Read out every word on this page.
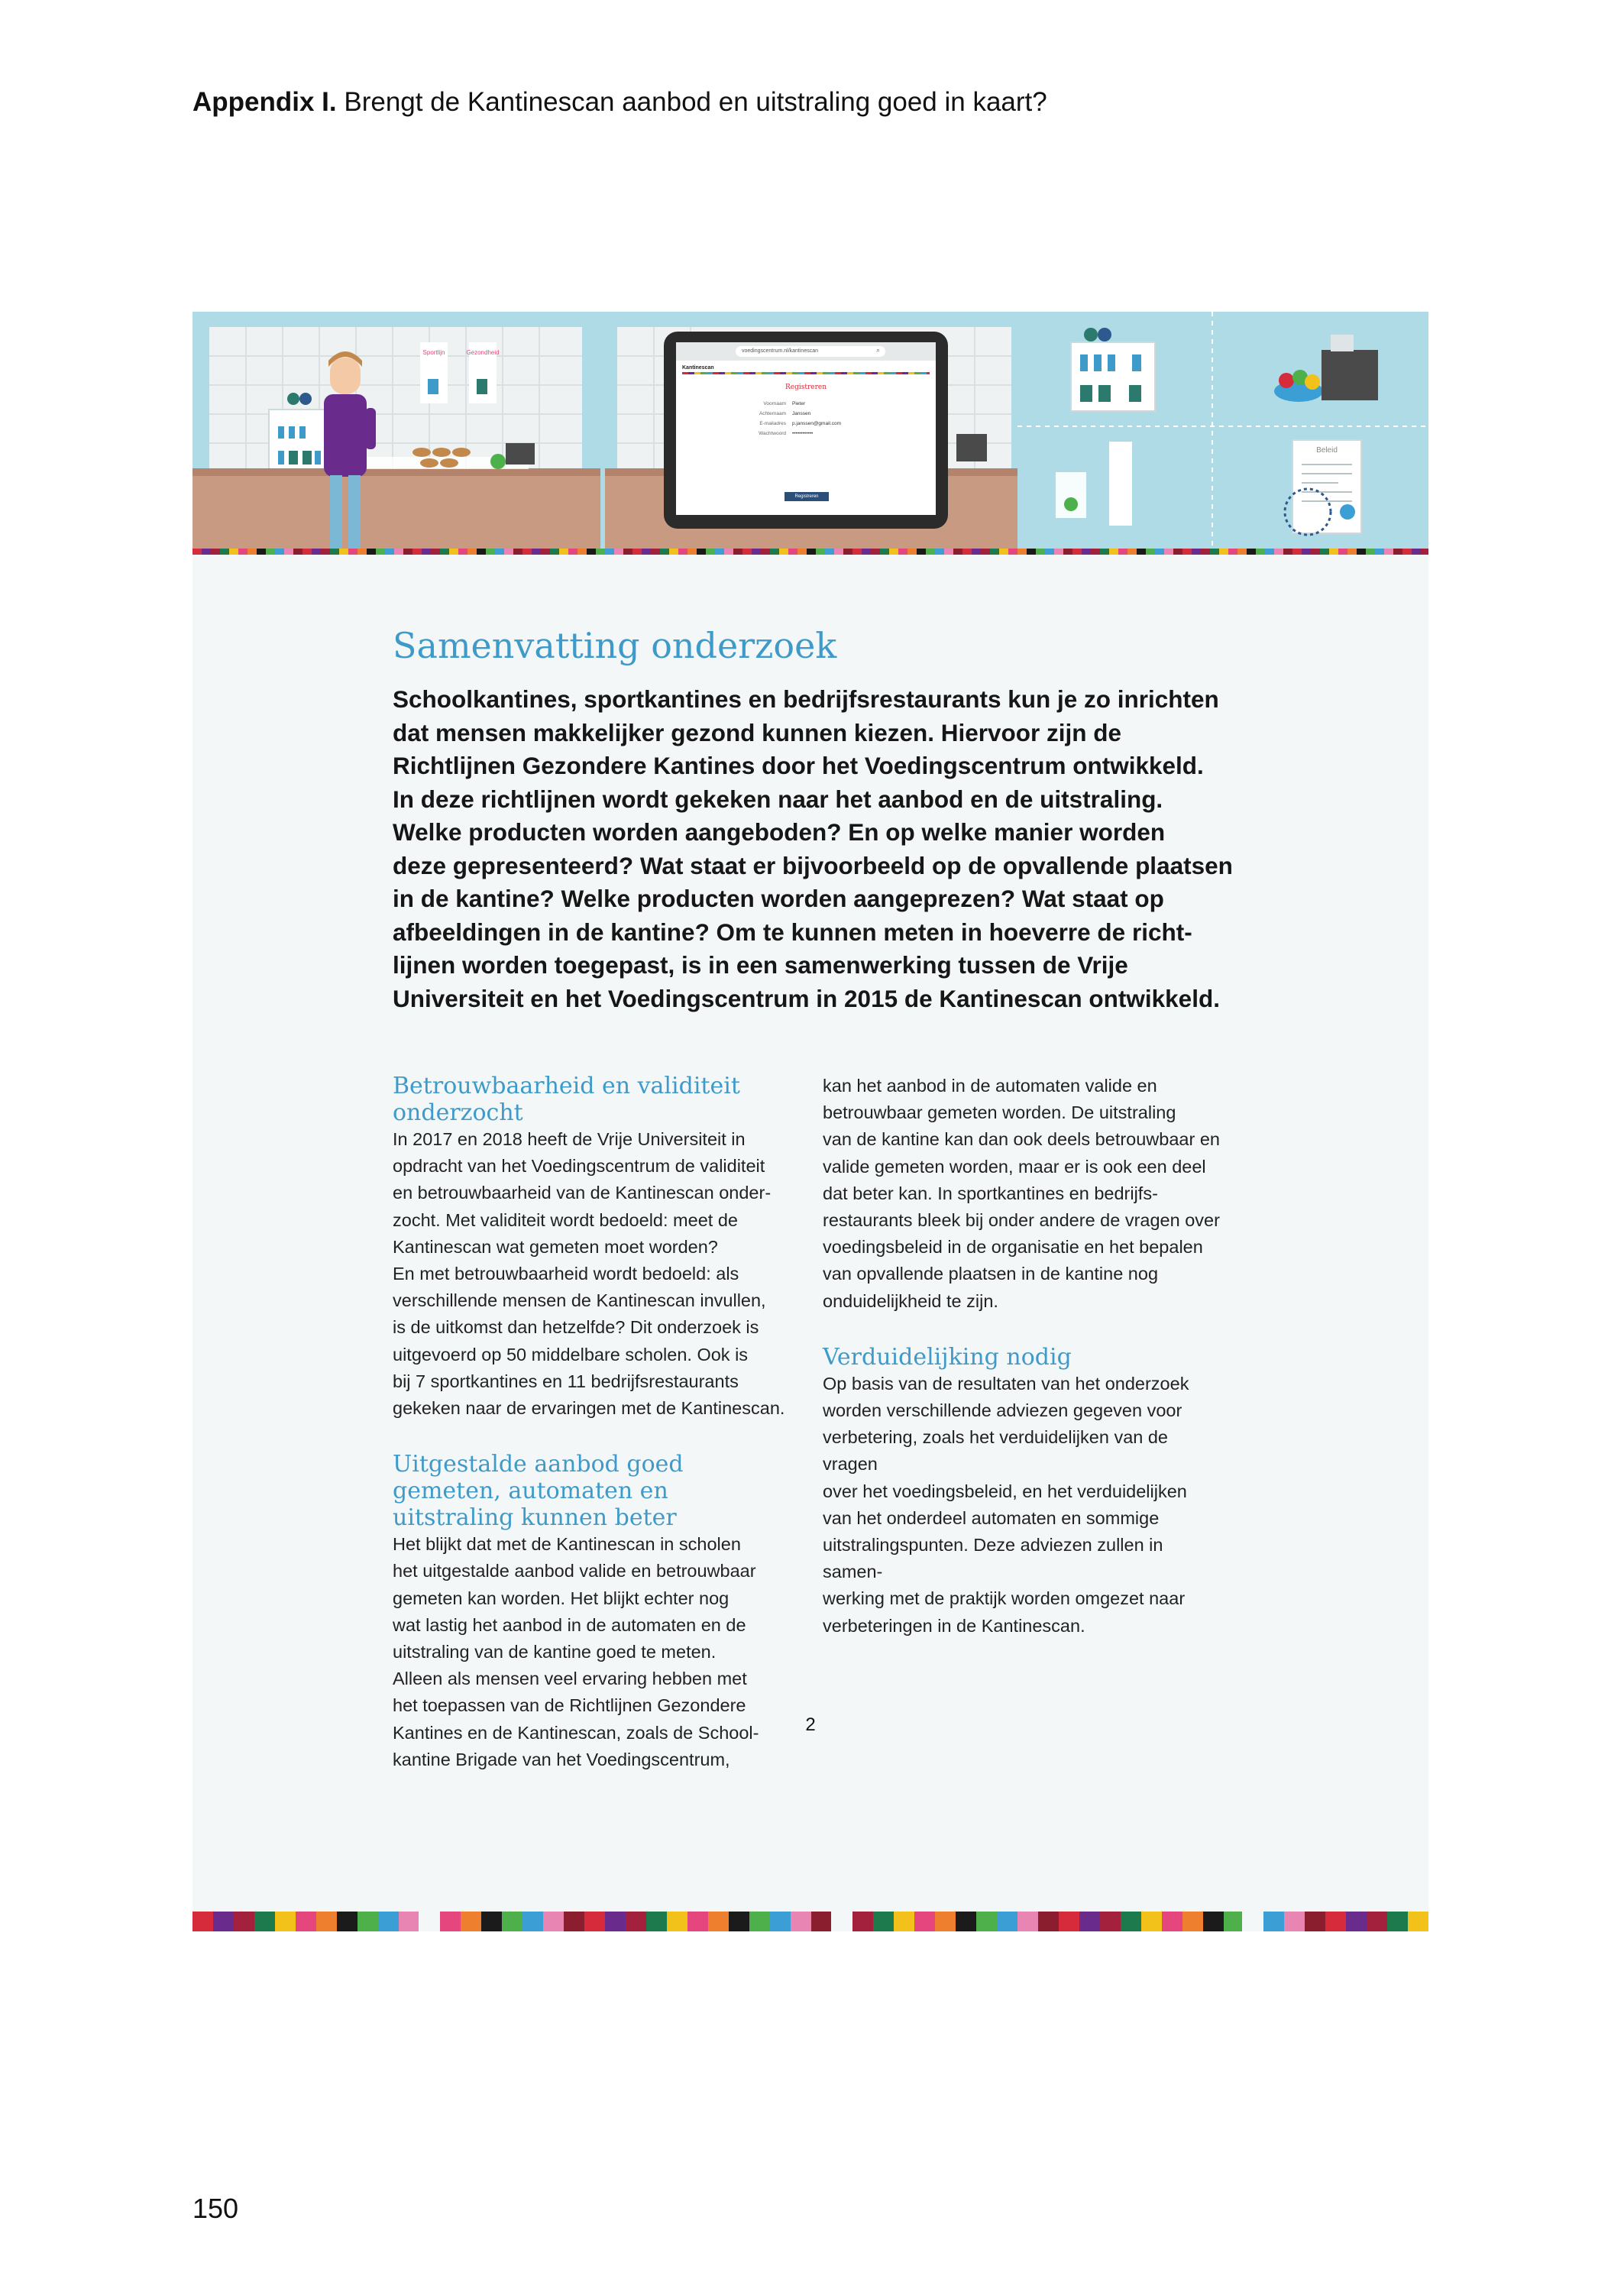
Appendix I. Brengt de Kantinescan aanbod en uitstraling goed in kaart?
Sportlijn	Gezondheid
Beleid
voedingscentrum.nl/kantinescan	⌕
Kantinescan
Registreren
Voornaam Pieter
Achternaam Janssen
E-mailadres p.janssen@gmail.com
Wachtwoord ••••••••••••
Registreren
Samenvatting onderzoek

Schoolkantines, sportkantines en bedrijfsrestaurants kun je zo inrichten
dat mensen makkelijker gezond kunnen kiezen. Hiervoor zijn de
Richtlijnen Gezondere Kantines door het Voedingscentrum ontwikkeld.
In deze richtlijnen wordt gekeken naar het aanbod en de uitstraling.
Welke producten worden aangeboden? En op welke manier worden
deze gepresenteerd? Wat staat er bijvoorbeeld op de opvallende plaatsen
in de kantine? Welke producten worden aangeprezen? Wat staat op
afbeeldingen in de kantine? Om te kunnen meten in hoeverre de richt-
lijnen worden toegepast, is in een samenwerking tussen de Vrije
Universiteit en het Voedingscentrum in 2015 de Kantinescan ontwikkeld.

Betrouwbaarheid en validiteit
onderzocht

In 2017 en 2018 heeft de Vrije Universiteit in
opdracht van het Voedingscentrum de validiteit
en betrouwbaarheid van de Kantinescan onder-
zocht. Met validiteit wordt bedoeld: meet de
Kantinescan wat gemeten moet worden?
En met betrouwbaarheid wordt bedoeld: als
verschillende mensen de Kantinescan invullen,
is de uitkomst dan hetzelfde? Dit onderzoek is
uitgevoerd op 50 middelbare scholen. Ook is
bij 7 sportkantines en 11 bedrijfsrestaurants
gekeken naar de ervaringen met de Kantinescan.

Uitgestalde aanbod goed
gemeten, automaten en
uitstraling kunnen beter

Het blijkt dat met de Kantinescan in scholen
het uitgestalde aanbod valide en betrouwbaar
gemeten kan worden. Het blijkt echter nog
wat lastig het aanbod in de automaten en de
uitstraling van de kantine goed te meten.
Alleen als mensen veel ervaring hebben met
het toepassen van de Richtlijnen Gezondere
Kantines en de Kantinescan, zoals de School-
kantine Brigade van het Voedingscentrum,

kan het aanbod in de automaten valide en
betrouwbaar gemeten worden. De uitstraling
van de kantine kan dan ook deels betrouwbaar en
valide gemeten worden, maar er is ook een deel
dat beter kan. In sportkantines en bedrijfs-
restaurants bleek bij onder andere de vragen over
voedingsbeleid in de organisatie en het bepalen
van opvallende plaatsen in de kantine nog
onduidelijkheid te zijn.

Verduidelijking nodig

Op basis van de resultaten van het onderzoek
worden verschillende adviezen gegeven voor
verbetering, zoals het verduidelijken van de vragen
over het voedingsbeleid, en het verduidelijken
van het onderdeel automaten en sommige
uitstralingspunten. Deze adviezen zullen in samen-
werking met de praktijk worden omgezet naar
verbeteringen in de Kantinescan.

2
150
